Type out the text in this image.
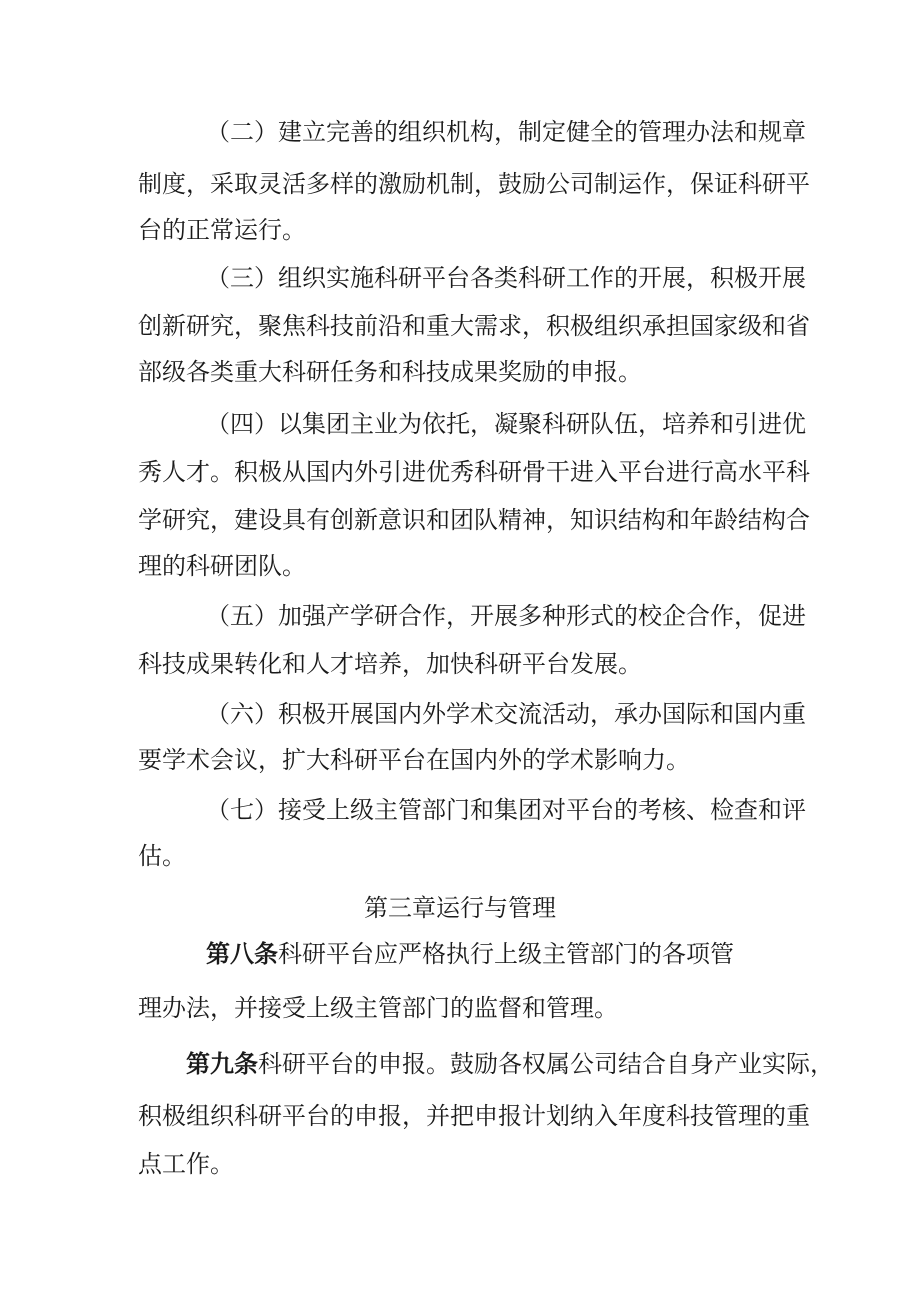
（二）建立完善的组织机构，制定健全的管理办法和规章
制度，采取灵活多样的激励机制，鼓励公司制运作，保证科研平
台的正常运行。
（三）组织实施科研平台各类科研工作的开展，积极开展
创新研究，聚焦科技前沿和重大需求，积极组织承担国家级和省
部级各类重大科研任务和科技成果奖励的申报。
（四）以集团主业为依托，凝聚科研队伍，培养和引进优
秀人才。积极从国内外引进优秀科研骨干进入平台进行高水平科
学研究，建设具有创新意识和团队精神，知识结构和年龄结构合
理的科研团队。
（五）加强产学研合作，开展多种形式的校企合作，促进
科技成果转化和人才培养，加快科研平台发展。
（六）积极开展国内外学术交流活动，承办国际和国内重
要学术会议，扩大科研平台在国内外的学术影响力。
（七）接受上级主管部门和集团对平台的考核、检查和评
估。
第三章运行与管理
第八条科研平台应严格执行上级主管部门的各项管
理办法，并接受上级主管部门的监督和管理。
第九条科研平台的申报。鼓励各权属公司结合自身产业实际，
积极组织科研平台的申报，并把申报计划纳入年度科技管理的重
点工作。
